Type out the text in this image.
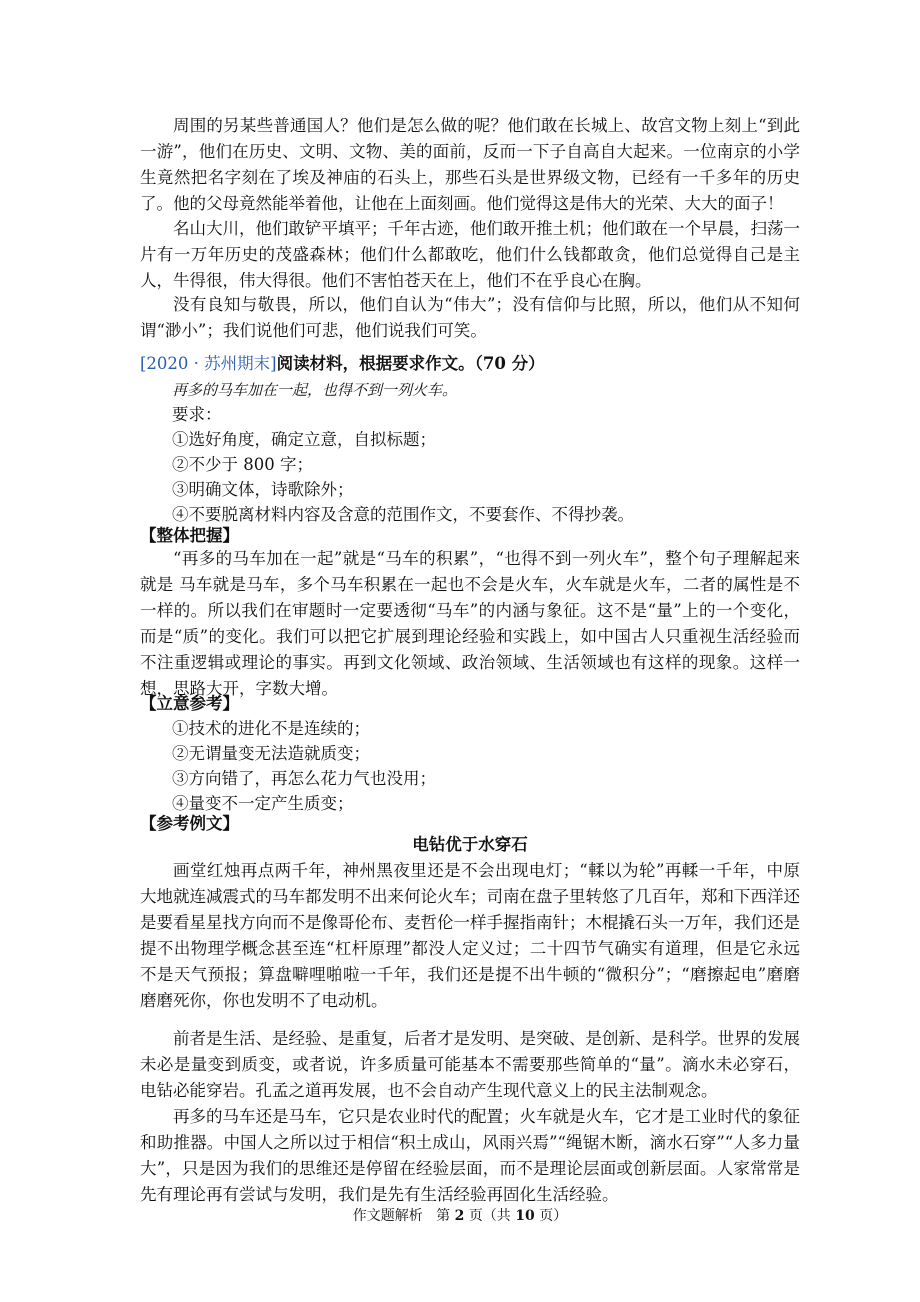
周围的另某些普通国人？他们是怎么做的呢？他们敢在长城上、故宫文物上刻上“到此一游”，他们在历史、文明、文物、美的面前，反而一下子自高自大起来。一位南京的小学生竟然把名字刻在了埃及神庙的石头上，那些石头是世界级文物，已经有一千多年的历史了。他的父母竟然能举着他，让他在上面刻画。他们觉得这是伟大的光荣、大大的面子！

名山大川，他们敢铲平填平；千年古迹，他们敢开推土机；他们敢在一个早晨，扫荡一片有一万年历史的茂盛森林；他们什么都敢吃，他们什么钱都敢贪，他们总觉得自己是主人，牛得很，伟大得很。他们不害怕苍天在上，他们不在乎良心在胸。

没有良知与敬畏，所以，他们自认为“伟大”；没有信仰与比照，所以，他们从不知何谓“渺小”；我们说他们可悲，他们说我们可笑。

[2020 · 苏州期末]阅读材料，根据要求作文。（70 分）
再多的马车加在一起，也得不到一列火车。
要求：
①选好角度，确定立意，自拟标题；
②不少于 800 字；
③明确文体，诗歌除外；
④不要脱离材料内容及含意的范围作文，不要套作、不得抄袭。
【整体把握】

“再多的马车加在一起”就是“马车的积累”，“也得不到一列火车”，整个句子理解起来就是 马车就是马车，多个马车积累在一起也不会是火车，火车就是火车，二者的属性是不一样的。所以我们在审题时一定要透彻“马车”的内涵与象征。这不是“量”上的一个变化，而是“质”的变化。我们可以把它扩展到理论经验和实践上，如中国古人只重视生活经验而不注重逻辑或理论的事实。再到文化领域、政治领域、生活领域也有这样的现象。这样一想，思路大开，字数大增。

【立意参考】
①技术的进化不是连续的；
②无谓量变无法造就质变；
③方向错了，再怎么花力气也没用；
④量变不一定产生质变；
【参考例文】
电钻优于水穿石

画堂红烛再点两千年，神州黑夜里还是不会出现电灯；“輮以为轮”再輮一千年，中原大地就连减震式的马车都发明不出来何论火车；司南在盘子里转悠了几百年，郑和下西洋还是要看星星找方向而不是像哥伦布、麦哲伦一样手握指南针；木棍撬石头一万年，我们还是提不出物理学概念甚至连“杠杆原理”都没人定义过；二十四节气确实有道理，但是它永远不是天气预报；算盘噼哩啪啦一千年，我们还是提不出牛顿的“微积分”；“磨擦起电”磨磨磨磨死你，你也发明不了电动机。

前者是生活、是经验、是重复，后者才是发明、是突破、是创新、是科学。世界的发展未必是量变到质变，或者说，许多质量可能基本不需要那些简单的“量”。滴水未必穿石，电钻必能穿岩。孔孟之道再发展，也不会自动产生现代意义上的民主法制观念。

再多的马车还是马车，它只是农业时代的配置；火车就是火车，它才是工业时代的象征和助推器。中国人之所以过于相信“积土成山，风雨兴焉”“绳锯木断，滴水石穿”“人多力量大”，只是因为我们的思维还是停留在经验层面，而不是理论层面或创新层面。人家常常是先有理论再有尝试与发明，我们是先有生活经验再固化生活经验。

作文题解析 第 2 页（共 10 页）
